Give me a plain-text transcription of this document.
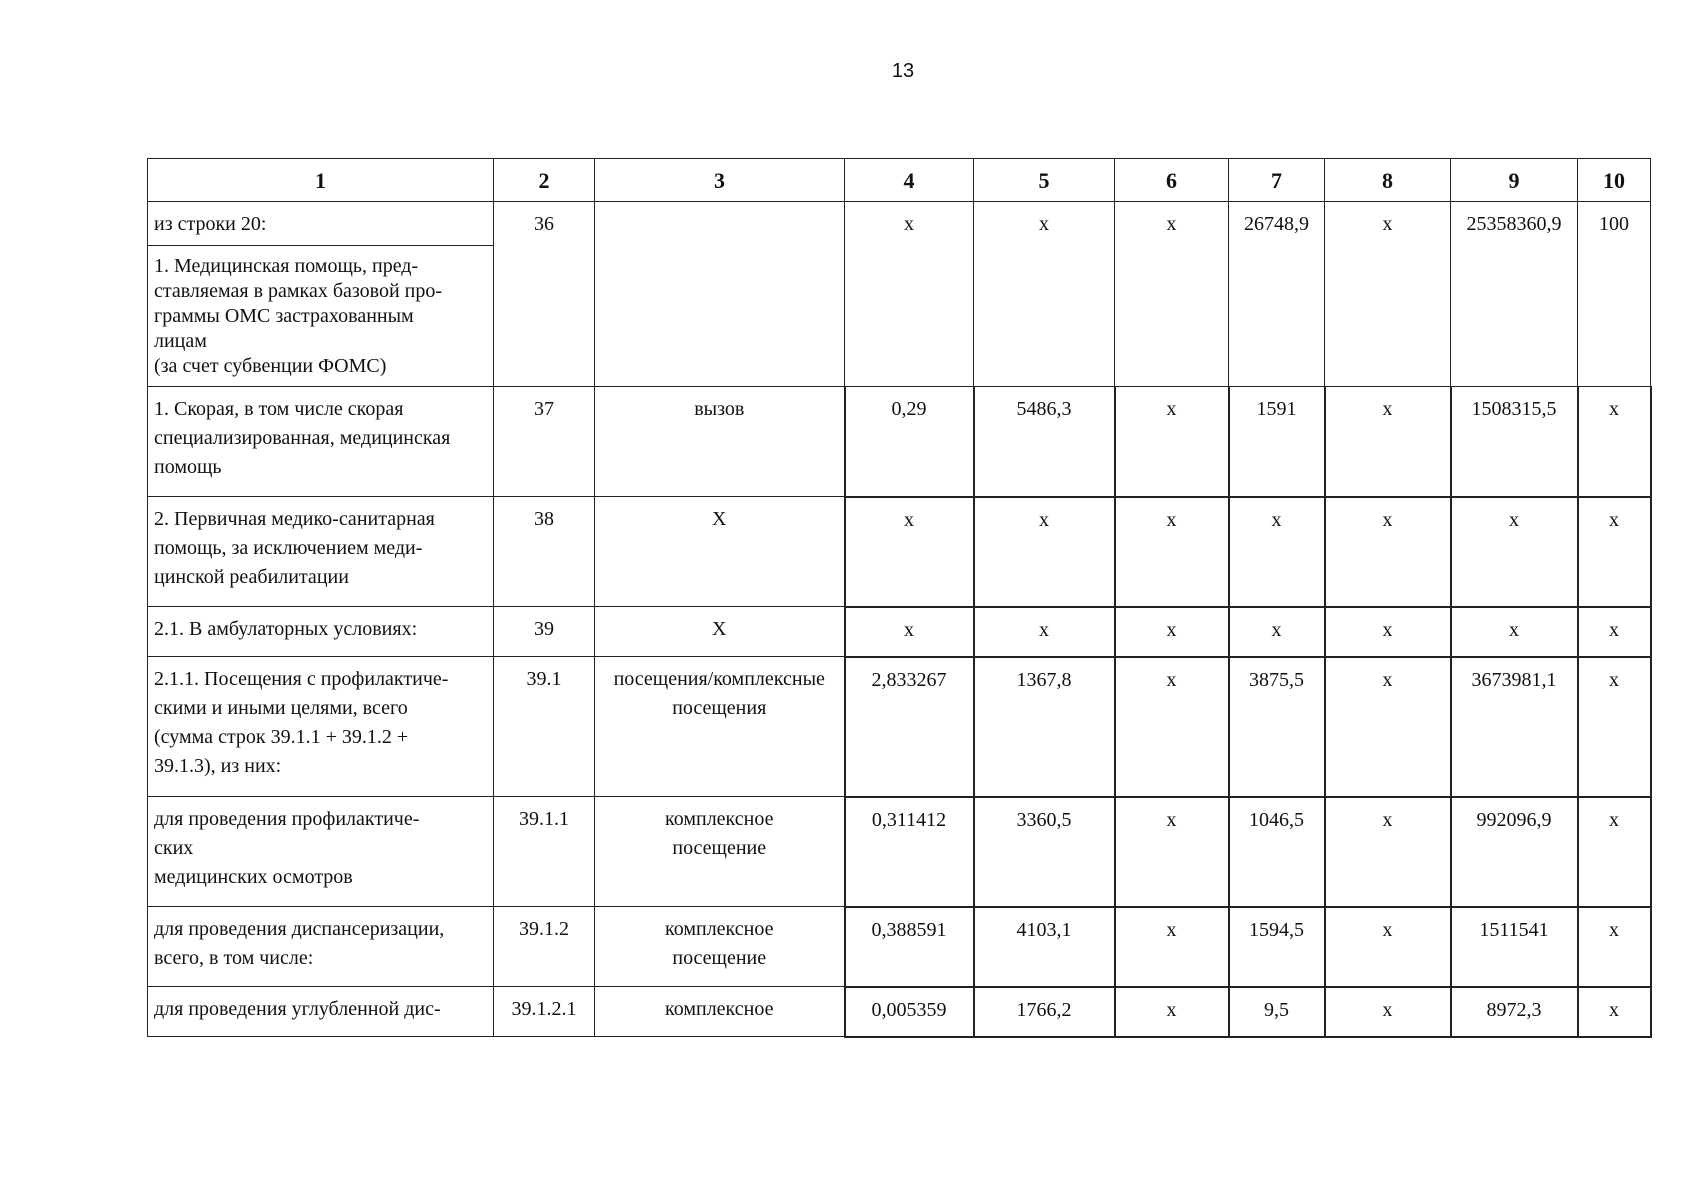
13
1	2	3	4	5	6	7	8	9	10
из строки 20:	36		х	х	х	26748,9	х	25358360,9	100
1. Медицинская помощь, пред-
ставляемая в рамках базовой про-
граммы ОМС застрахованным
лицам
(за счет субвенции ФОМС)									
1. Скорая, в том числе скорая
специализированная, медицинская
помощь	37	вызов	0,29	5486,3	х	1591	х	1508315,5	х
2. Первичная медико-санитарная
помощь, за исключением меди-
цинской реабилитации	38	Х	х	х	х	х	х	х	х
2.1. В амбулаторных условиях:	39	Х	х	х	х	х	х	х	х
2.1.1. Посещения с профилактиче-
скими и иными целями, всего
(сумма строк 39.1.1 + 39.1.2 +
39.1.3), из них:	39.1	посещения/комплексные
посещения	2,833267	1367,8	х	3875,5	х	3673981,1	х
для проведения профилактиче-
ских
медицинских осмотров	39.1.1	комплексное
посещение	0,311412	3360,5	х	1046,5	х	992096,9	х
для проведения диспансеризации,
всего, в том числе:	39.1.2	комплексное
посещение	0,388591	4103,1	х	1594,5	х	1511541	х
для проведения углубленной дис-	39.1.2.1	комплексное	0,005359	1766,2	х	9,5	х	8972,3	х
